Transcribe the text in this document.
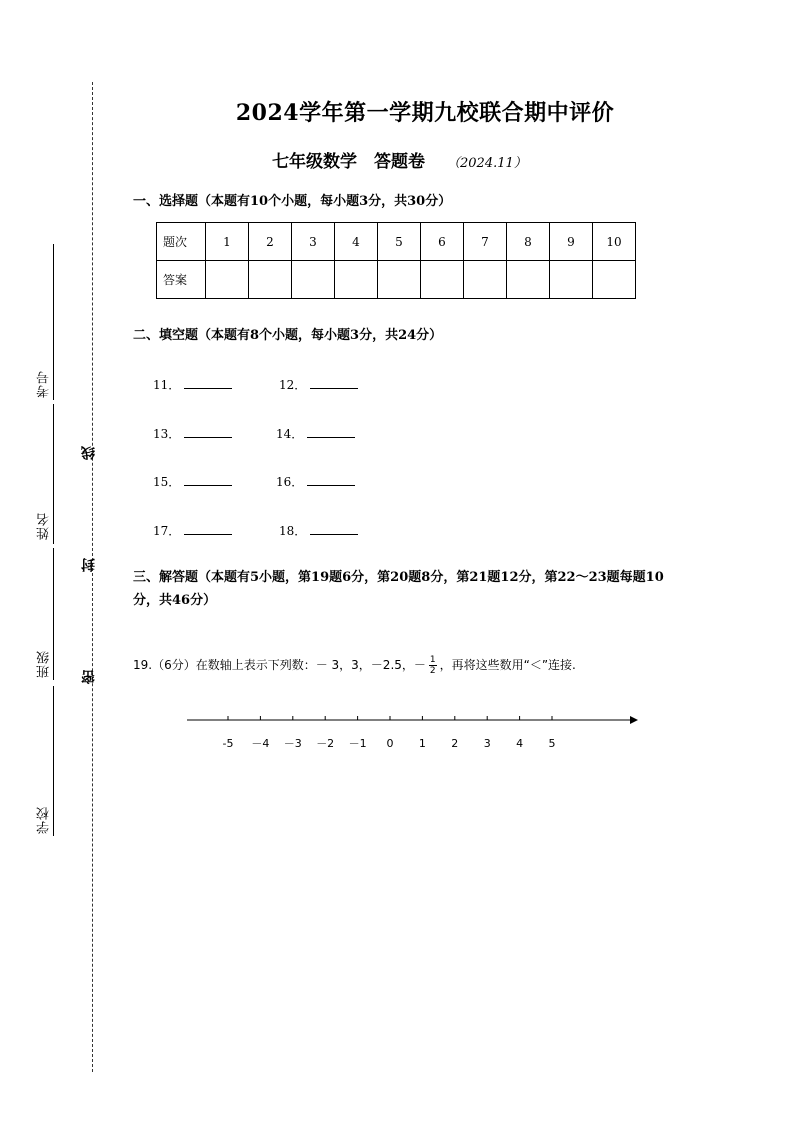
考号
姓名
班级
学校
线
封
密
2024学年第一学期九校联合期中评价
七年级数学　答题卷 （2024.11）
一、选择题（本题有10个小题，每小题3分，共30分）
题次	1	2	3	4	5	6	7	8	9	10
答案										
二、填空题（本题有8个小题，每小题3分，共24分）
11．	12．
13．	14．
15．	16．
17．	18．
三、解答题（本题有5小题，第19题6分，第20题8分，第21题12分，第22～23题每题10
分，共46分）
19.（6分）在数轴上表示下列数：－ 3，3，－2.5，－ $\frac{1}{2}$ ，再将这些数用“＜”连接.
-5 －4 －3 －2 －1 0 1 2 3 4 5
